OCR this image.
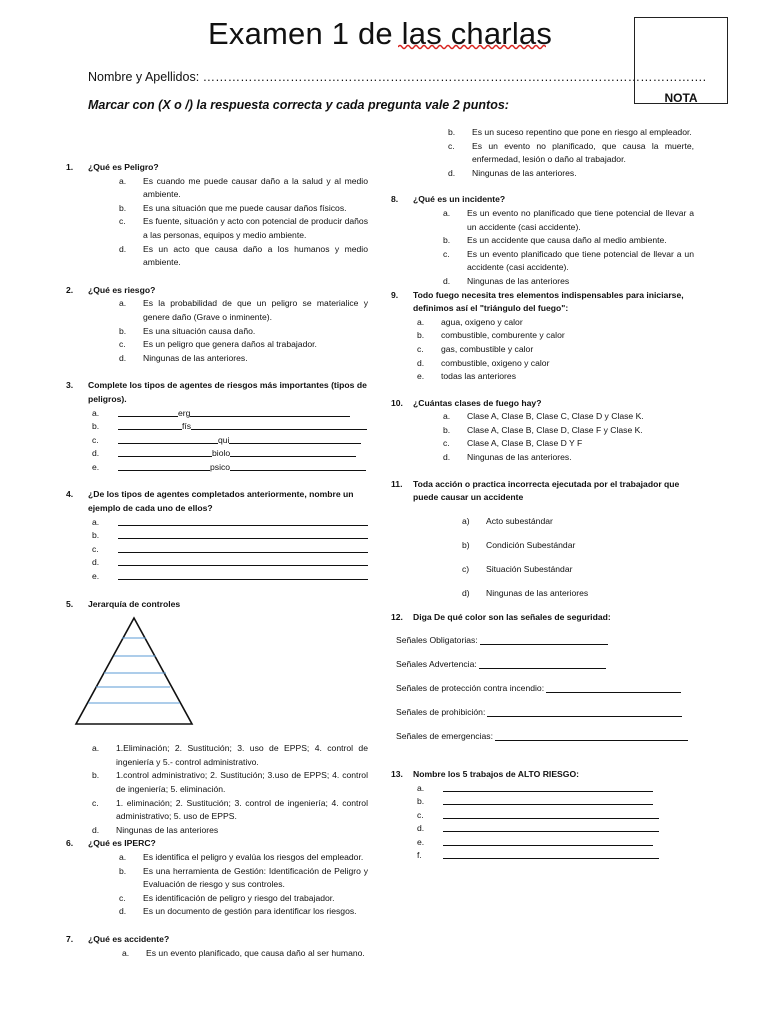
Examen 1 de las charlas
NOTA
Nombre y Apellidos: ………………………………………………………………………………………………………….
Marcar con (X o /) la respuesta correcta y cada pregunta vale 2 puntos:
1.	¿Qué es Peligro?
a.	Es cuando me puede causar daño a la salud y al medio ambiente.
b.	Es una situación que me puede causar daños físicos.
c.	Es fuente, situación y acto con potencial de producir daños a las personas, equipos y medio ambiente.
d.	Es un acto que causa daño a los humanos y medio ambiente.
2.	¿Qué es riesgo?
a.	Es la probabilidad de que un peligro se materialice y genere daño (Grave o inminente).
b.	Es una situación causa daño.
c.	Es un peligro que genera daños al trabajador.
d.	Ningunas de las anteriores.
3.	Complete los tipos de agentes de riesgos más importantes (tipos de peligros).
a.	erg
b.	fís
c.	qui
d.	biolo
e.	psico
4.	¿De los tipos de agentes completados anteriormente, nombre un ejemplo de cada uno de ellos?
a.
b.
c.
d.
e.
5.	Jerarquía de controles
a.	1.Eliminación; 2. Sustitución; 3. uso de EPPS; 4. control de ingeniería y 5.- control administrativo.
b.	1.control administrativo; 2. Sustitución; 3.uso de EPPS; 4. control de ingeniería; 5. eliminación.
c.	1. eliminación; 2. Sustitución; 3. control de ingeniería; 4. control administrativo; 5. uso de EPPS.
d.	Ningunas de las anteriores
6.	¿Qué es IPERC?
a.	Es identifica el peligro y evalúa los riesgos del empleador.
b.	Es una herramienta de Gestión: Identificación de Peligro y Evaluación de riesgo y sus controles.
c.	Es identificación de peligro y riesgo del trabajador.
d.	Es un documento de gestión para identificar los riesgos.
7.	¿Qué es accidente?
a.	Es un evento planificado, que causa daño al ser humano.
b.	Es un suceso repentino que pone en riesgo al empleador.
c.	Es un evento no planificado, que causa la muerte, enfermedad, lesión o daño al trabajador.
d.	Ningunas de las anteriores.
8.	¿Qué es un incidente?
a.	Es un evento no planificado que tiene potencial de llevar a un accidente (casi accidente).
b.	Es un accidente que causa daño al medio ambiente.
c.	Es un evento planificado que tiene potencial de llevar a un accidente (casi accidente).
d.	Ningunas de las anteriores
9.	Todo fuego necesita tres elementos indispensables para iniciarse, definimos así el "triángulo del fuego":
a.	agua, oxigeno y calor
b.	combustible, comburente y calor
c.	gas, combustible y calor
d.	combustible, oxigeno y calor
e.	todas las anteriores
10.	¿Cuántas clases de fuego hay?
a.	Clase A, Clase B, Clase C, Clase D y Clase K.
b.	Clase A, Clase B, Clase D, Clase F y Clase K.
c.	Clase A, Clase B, Clase D Y F
d.	Ningunas de las anteriores.
11.	Toda acción o practica incorrecta ejecutada por el trabajador que puede causar un accidente
a)	Acto subestándar
b)	Condición Subestándar
c)	Situación Subestándar
d)	Ningunas de las anteriores
12.	Diga De qué color son las señales de seguridad:
Señales Obligatorias:
Señales Advertencia:
Señales de protección contra incendio:
Señales de prohibición:
Señales de emergencias:
13.	Nombre los 5 trabajos de ALTO RIESGO:
a.
b.
c.
d.
e.
f.
